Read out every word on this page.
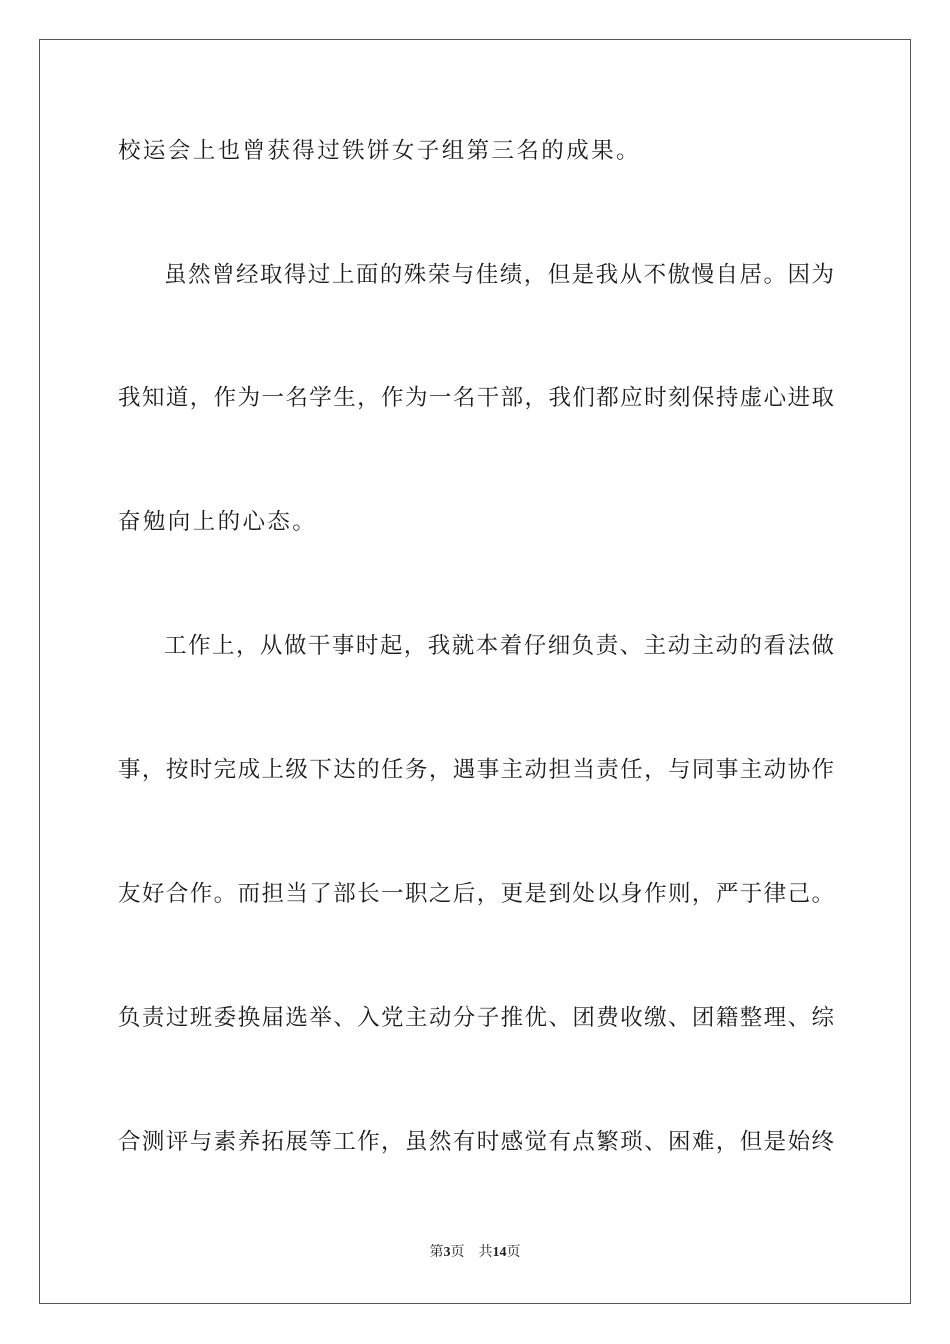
校运会上也曾获得过铁饼女子组第三名的成果。
虽然曾经取得过上面的殊荣与佳绩，但是我从不傲慢自居。因为
我知道，作为一名学生，作为一名干部，我们都应时刻保持虚心进取
奋勉向上的心态。
工作上，从做干事时起，我就本着仔细负责、主动主动的看法做
事，按时完成上级下达的任务，遇事主动担当责任，与同事主动协作
友好合作。而担当了部长一职之后，更是到处以身作则，严于律己。
负责过班委换届选举、入党主动分子推优、团费收缴、团籍整理、综
合测评与素养拓展等工作，虽然有时感觉有点繁琐、困难，但是始终
第3页 共14页
